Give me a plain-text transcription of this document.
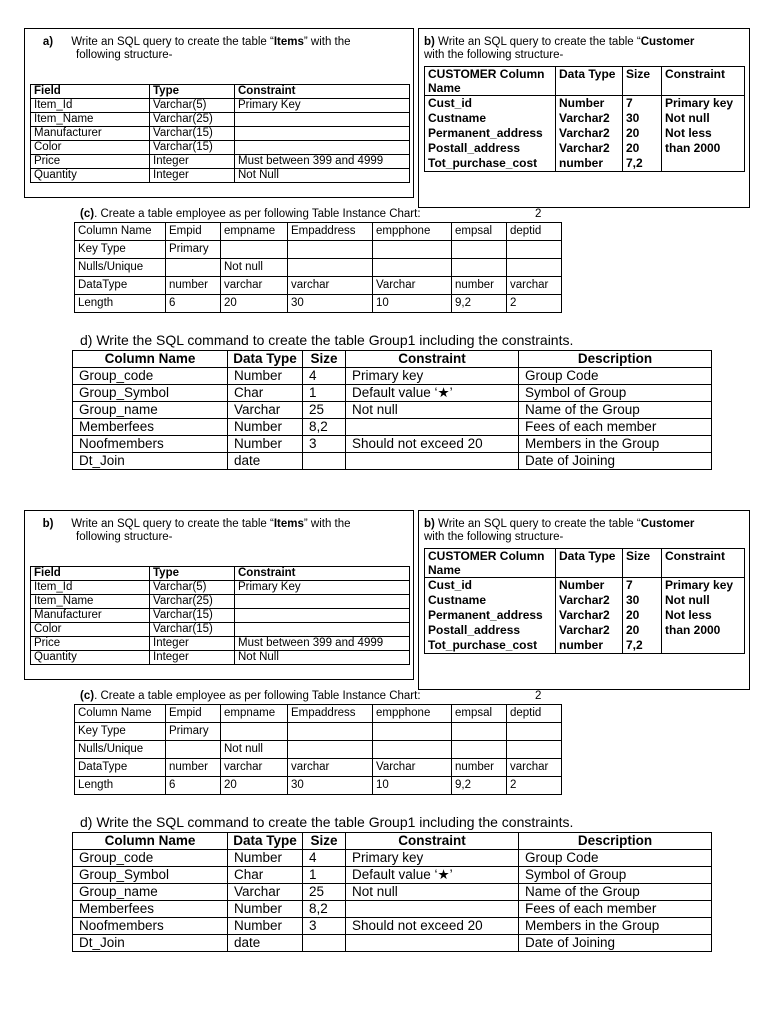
a) Write an SQL query to create the table “Items” with the
following structure-
Field	Type	Constraint
Item_Id	Varchar(5)	Primary Key
Item_Name	Varchar(25)	
Manufacturer	Varchar(15)	
Color	Varchar(15)	
Price	Integer	Must between 399 and 4999
Quantity	Integer	Not Null
b) Write an SQL query to create the table “Customer
with the following structure-
CUSTOMER Column Name	Data Type	Size	Constraint
Cust_id	Number	7	Primary key
Custname	Varchar2	30	Not null
Permanent_address	Varchar2	20	Not less
Postall_address	Varchar2	20	than 2000
Tot_purchase_cost	number	7,2	
(c). Create a table employee as per following Table Instance Chart:	2
Column Name	Empid	empname	Empaddress	empphone	empsal	deptid
Key Type	Primary					
Nulls/Unique		Not null				
DataType	number	varchar	varchar	Varchar	number	varchar
Length	6	20	30	10	9,2	2
d) Write the SQL command to create the table Group1 including the constraints.
Column Name	Data Type	Size	Constraint	Description
Group_code	Number	4	Primary key	Group Code
Group_Symbol	Char	1	Default value ‘★’	Symbol of Group
Group_name	Varchar	25	Not null	Name of the Group
Memberfees	Number	8,2		Fees of each member
Noofmembers	Number	3	Should not exceed 20	Members in the Group
Dt_Join	date			Date of Joining
b) Write an SQL query to create the table “Items” with the
following structure-
Field	Type	Constraint
Item_Id	Varchar(5)	Primary Key
Item_Name	Varchar(25)	
Manufacturer	Varchar(15)	
Color	Varchar(15)	
Price	Integer	Must between 399 and 4999
Quantity	Integer	Not Null
b) Write an SQL query to create the table “Customer
with the following structure-
CUSTOMER Column Name	Data Type	Size	Constraint
Cust_id	Number	7	Primary key
Custname	Varchar2	30	Not null
Permanent_address	Varchar2	20	Not less
Postall_address	Varchar2	20	than 2000
Tot_purchase_cost	number	7,2	
(c). Create a table employee as per following Table Instance Chart:	2
Column Name	Empid	empname	Empaddress	empphone	empsal	deptid
Key Type	Primary					
Nulls/Unique		Not null				
DataType	number	varchar	varchar	Varchar	number	varchar
Length	6	20	30	10	9,2	2
d) Write the SQL command to create the table Group1 including the constraints.
Column Name	Data Type	Size	Constraint	Description
Group_code	Number	4	Primary key	Group Code
Group_Symbol	Char	1	Default value ‘★’	Symbol of Group
Group_name	Varchar	25	Not null	Name of the Group
Memberfees	Number	8,2		Fees of each member
Noofmembers	Number	3	Should not exceed 20	Members in the Group
Dt_Join	date			Date of Joining
